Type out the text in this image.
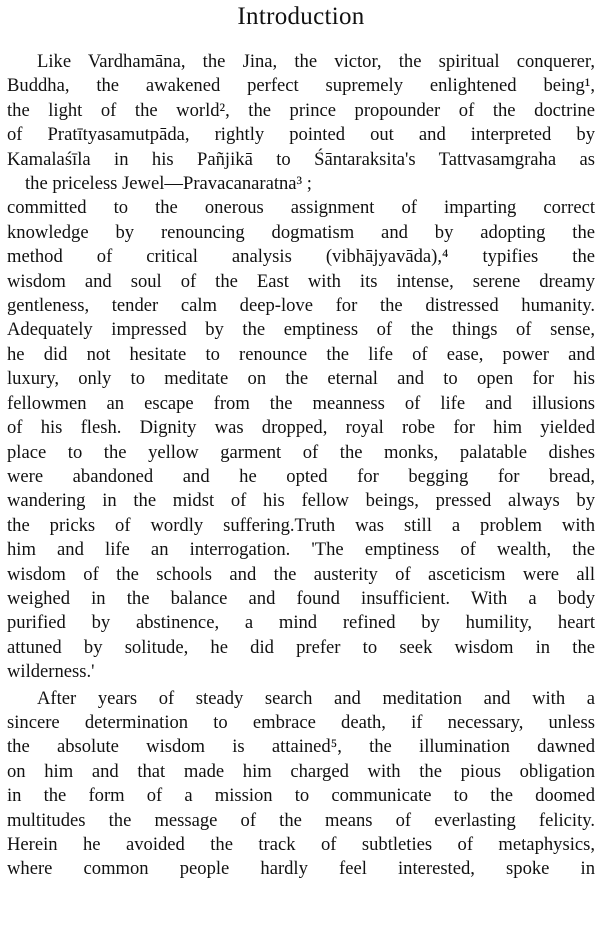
Introduction
Like Vardhamāna, the Jina, the victor, the spiritual conquerer,
Buddha, the awakened perfect supremely enlightened being¹,
the light of the world², the prince propounder of the doctrine
of Pratītyasamutpāda, rightly pointed out and interpreted by
Kamalaśīla in his Pañjikā to Śāntaraksita's Tattvasamgraha as
the priceless Jewel—Pravacanaratna³ ;
committed to the onerous assignment of imparting correct
knowledge by renouncing dogmatism and by adopting the
method of critical analysis (vibhājyavāda),⁴ typifies the
wisdom and soul of the East with its intense, serene dreamy
gentleness, tender calm deep-love for the distressed humanity.
Adequately impressed by the emptiness of the things of sense,
he did not hesitate to renounce the life of ease, power and
luxury, only to meditate on the eternal and to open for his
fellowmen an escape from the meanness of life and illusions
of his flesh. Dignity was dropped, royal robe for him yielded
place to the yellow garment of the monks, palatable dishes
were abandoned and he opted for begging for bread,
wandering in the midst of his fellow beings, pressed always by
the pricks of wordly suffering.Truth was still a problem with
him and life an interrogation. 'The emptiness of wealth, the
wisdom of the schools and the austerity of asceticism were all
weighed in the balance and found insufficient. With a body
purified by abstinence, a mind refined by humility, heart
attuned by solitude, he did prefer to seek wisdom in the
wilderness.'
After years of steady search and meditation and with a
sincere determination to embrace death, if necessary, unless
the absolute wisdom is attained⁵, the illumination dawned
on him and that made him charged with the pious obligation
in the form of a mission to communicate to the doomed
multitudes the message of the means of everlasting felicity.
Herein he avoided the track of subtleties of metaphysics,
where common people hardly feel interested, spoke in
